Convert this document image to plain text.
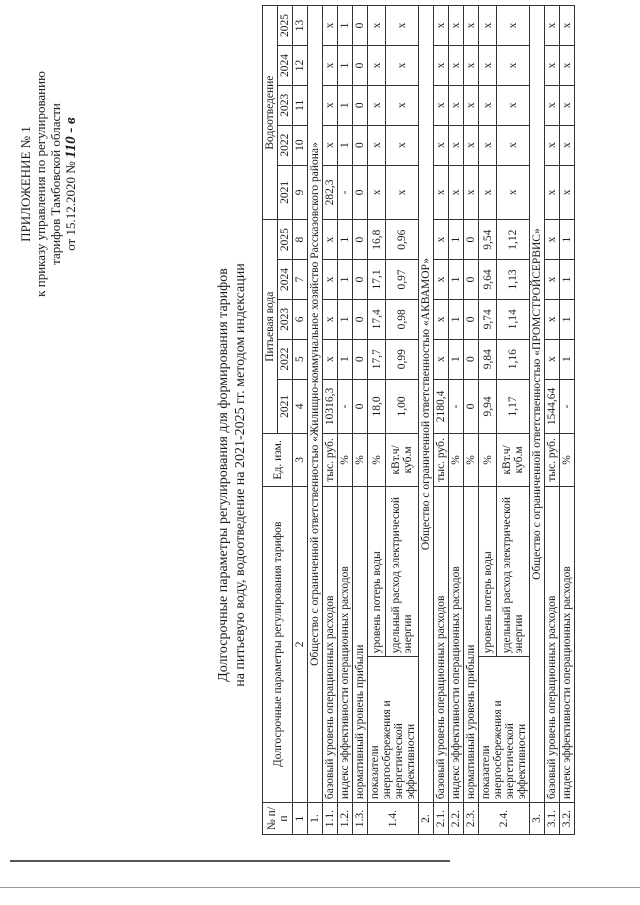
ПРИЛОЖЕНИЕ № 1 к приказу управления по регулированию тарифов Тамбовской области от 15.12.2020 № 110 - в
Долгосрочные параметры регулирования для формирования тарифов на питьевую воду, водоотведение на 2021-2025 гг. методом индексации
№ п/п	Долгосрочные параметры регулирования тарифов		Ед. изм.	Питьевая вода					Водоотведение				
				2021	2022	2023	2024	2025	2021	2022	2023	2024	2025
1	2		3	4	5	6	7	8	9	10	11	12	13
1.	Общество с ограниченной ответственностью «Жилищно-коммунальное хозяйство Рассказовского района»												
1.1.	базовый уровень операционных расходов		тыс. руб.	10316,3	х	х	х	х	282,3	х	х	х	х
1.2.	индекс эффективности операционных расходов		%	-	1	1	1	1	-	1	1	1	1
1.3.	нормативный уровень прибыли		%	0	0	0	0	0	0	0	0	0	0
1.4.	показатели энергосбережения и энергетической эффективности	уровень потерь воды	%	18,0	17,7	17,4	17,1	16,8	х	х	х	х	х
		удельный расход электрической энергии	кВт.ч/ куб.м	1,00	0,99	0,98	0,97	0,96	х	х	х	х	х
2.	Общество с ограниченной ответственностью «АКВАМОР»												
2.1.	базовый уровень операционных расходов		тыс. руб.	2180,4	х	х	х	х	х	х	х	х	х
2.2.	индекс эффективности операционных расходов		%	-	1	1	1	1	х	х	х	х	х
2.3.	нормативный уровень прибыли		%	0	0	0	0	0	х	х	х	х	х
2.4.	показатели энергосбережения и энергетической эффективности	уровень потерь воды	%	9,94	9,84	9,74	9,64	9,54	х	х	х	х	х
		удельный расход электрической энергии	кВт.ч/ куб.м	1,17	1,16	1,14	1,13	1,12	х	х	х	х	х
3.	Общество с ограниченной ответственностью «ПРОМСТРОЙСЕРВИС»												
3.1.	базовый уровень операционных расходов		тыс. руб.	1544,64	х	х	х	х	х	х	х	х	х
3.2.	индекс эффективности операционных расходов		%	-	1	1	1	1	х	х	х	х	х
